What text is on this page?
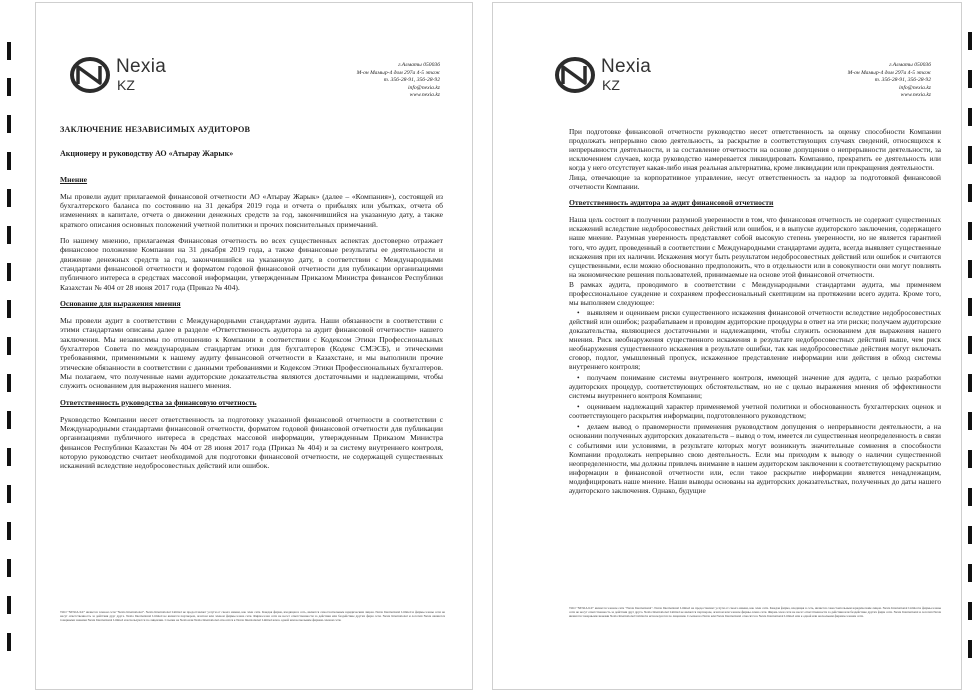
Nexia
KZ
г.Алматы 050036
М-он Мамыр-4 дом 297а 4-5 этаж
т. 356-28-91, 356-28-92
info@nexia.kz
www.nexia.kz
ЗАКЛЮЧЕНИЕ НЕЗАВИСИМЫХ АУДИТОРОВ
Акционеру и руководству АО «Атырау Жарык»
Мнение

Мы провели аудит прилагаемой финансовой отчетности АО «Атырау Жарык» (далее – «Компания»), состоящей из бухгалтерского баланса по состоянию на 31 декабря 2019 года и отчета о прибылях или убытках, отчета об изменениях в капитале, отчета о движении денежных средств за год, закончившийся на указанную дату, а также краткого описания основных положений учетной политики и прочих пояснительных примечаний.

По нашему мнению, прилагаемая Финансовая отчетность во всех существенных аспектах достоверно отражает финансовое положение Компании на 31 декабря 2019 года, а также финансовые результаты ее деятельности и движение денежных средств за год, закончившийся на указанную дату, в соответствии с Международными стандартами финансовой отчетности и форматом годовой финансовой отчетности для публикации организациями публичного интереса в средствах массовой информации, утвержденным Приказом Министра финансов Республики Казахстан № 404 от 28 июня 2017 года (Приказ № 404).

Основание для выражения мнения

Мы провели аудит в соответствии с Международными стандартами аудита. Наши обязанности в соответствии с этими стандартами описаны далее в разделе «Ответственность аудитора за аудит финансовой отчетности» нашего заключения. Мы независимы по отношению к Компании в соответствии с Кодексом Этики Профессиональных бухгалтеров Совета по международным стандартам этики для бухгалтеров (Кодекс СМЭСБ), и этическими требованиями, применимыми к нашему аудиту финансовой отчетности в Казахстане, и мы выполнили прочие этические обязанности в соответствии с данными требованиями и Кодексом Этики Профессиональных бухгалтеров. Мы полагаем, что полученные нами аудиторские доказательства являются достаточными и надлежащими, чтобы служить основанием для выражения нашего мнения.

Ответственность руководства за финансовую отчетность

Руководство Компании несет ответственность за подготовку указанной финансовой отчетности в соответствии с Международными стандартами финансовой отчетности, форматом годовой финансовой отчетности для публикации организациями публичного интереса в средствах массовой информации, утвержденным Приказом Министра финансов Республики Казахстан № 404 от 28 июня 2017 года (Приказ № 404) и за систему внутреннего контроля, которую руководство считает необходимой для подготовки финансовой отчетности, не содержащей существенных искажений вследствие недобросовестных действий или ошибок.

ТОО "NEXIA KZ" является членом сети "Nexia International". Nexia International Limited не предоставляет услуги от своего имени, как член сети. Каждая фирма, входящая в сеть, является самостоятельным юридическим лицом. Nexia International Limited и фирмы-члены сети не несут ответственность за действия друг друга. Nexia International Limited не является партнером, агентом или членом фирмы-члена сети. Фирма-член сети не несет ответственности за действия или бездействие других фирм сети. Nexia International и логотип Nexia являются товарными знаками Nexia International Limited и используются по лицензии. Ссылки на Nexia или Nexia International относятся к Nexia International Limited или к одной или нескольким фирмам-членам сети.
Nexia
KZ
г.Алматы 050036
М-он Мамыр-4 дом 297а 4-5 этаж
т. 356-28-91, 356-28-92
info@nexia.kz
www.nexia.kz

При подготовке финансовой отчетности руководство несет ответственность за оценку способности Компании продолжать непрерывно свою деятельность, за раскрытие в соответствующих случаях сведений, относящихся к непрерывности деятельности, и за составление отчетности на основе допущения о непрерывности деятельности, за исключением случаев, когда руководство намеревается ликвидировать Компанию, прекратить ее деятельность или когда у него отсутствует какая-либо иная реальная альтернатива, кроме ликвидации или прекращения деятельности.

Лица, отвечающие за корпоративное управление, несут ответственность за надзор за подготовкой финансовой отчетности Компании.

Ответственность аудитора за аудит финансовой отчетности

Наша цель состоит в получении разумной уверенности в том, что финансовая отчетность не содержит существенных искажений вследствие недобросовестных действий или ошибок, и в выпуске аудиторского заключения, содержащего наше мнение. Разумная уверенность представляет собой высокую степень уверенности, но не является гарантией того, что аудит, проведенный в соответствии с Международными стандартами аудита, всегда выявляет существенные искажения при их наличии. Искажения могут быть результатом недобросовестных действий или ошибок и считаются существенными, если можно обоснованно предположить, что в отдельности или в совокупности они могут повлиять на экономические решения пользователей, принимаемые на основе этой финансовой отчетности.

В рамках аудита, проводимого в соответствии с Международными стандартами аудита, мы применяем профессиональное суждение и сохраняем профессиональный скептицизм на протяжении всего аудита. Кроме того, мы выполняем следующее:

• выявляем и оцениваем риски существенного искажения финансовой отчетности вследствие недобросовестных действий или ошибок; разрабатываем и проводим аудиторские процедуры в ответ на эти риски; получаем аудиторские доказательства, являющиеся достаточными и надлежащими, чтобы служить основанием для выражения нашего мнения. Риск необнаружения существенного искажения в результате недобросовестных действий выше, чем риск необнаружения существенного искажения в результате ошибки, так как недобросовестные действия могут включать сговор, подлог, умышленный пропуск, искаженное представление информации или действия в обход системы внутреннего контроля;
• получаем понимание системы внутреннего контроля, имеющей значение для аудита, с целью разработки аудиторских процедур, соответствующих обстоятельствам, но не с целью выражения мнения об эффективности системы внутреннего контроля Компании;
• оцениваем надлежащий характер применяемой учетной политики и обоснованность бухгалтерских оценок и соответствующего раскрытия информации, подготовленного руководством;
• делаем вывод о правомерности применения руководством допущения о непрерывности деятельности, а на основании полученных аудиторских доказательств – вывод о том, имеется ли существенная неопределенность в связи с событиями или условиями, в результате которых могут возникнуть значительные сомнения в способности Компании продолжать непрерывно свою деятельность. Если мы приходим к выводу о наличии существенной неопределенности, мы должны привлечь внимание в нашем аудиторском заключении к соответствующему раскрытию информации в финансовой отчетности или, если такое раскрытие информации является ненадлежащим, модифицировать наше мнение. Наши выводы основаны на аудиторских доказательствах, полученных до даты нашего аудиторского заключения. Однако, будущие
ТОО "NEXIA KZ" является членом сети "Nexia International". Nexia International Limited не предоставляет услуги от своего имени, как член сети. Каждая фирма, входящая в сеть, является самостоятельным юридическим лицом. Nexia International Limited и фирмы-члены сети не несут ответственность за действия друг друга. Nexia International Limited не является партнером, агентом или членом фирмы-члена сети. Фирма-член сети не несет ответственности за действия или бездействие других фирм сети. Nexia International и логотип Nexia являются товарными знаками Nexia International Limited и используются по лицензии. Ссылки на Nexia или Nexia International относятся к Nexia International Limited или к одной или нескольким фирмам-членам сети.
